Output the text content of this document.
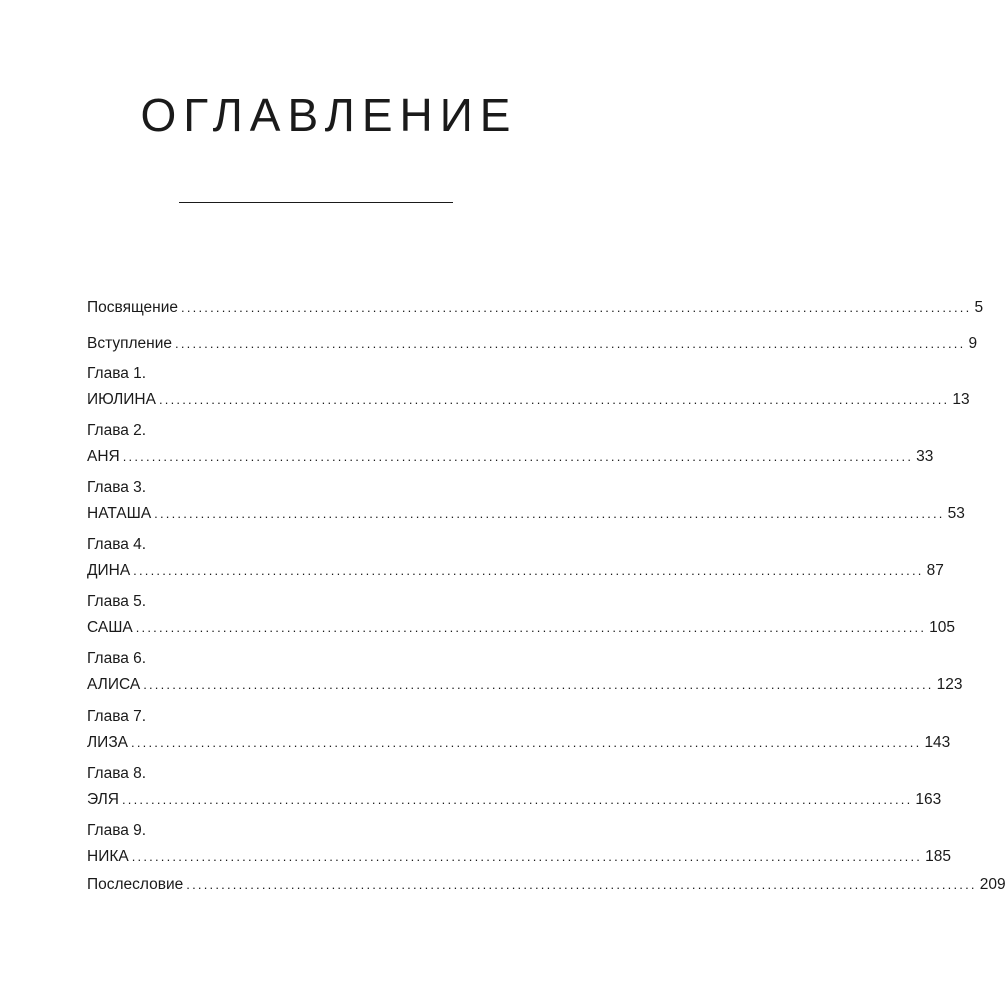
ОГЛАВЛЕНИЕ
Посвящение ........................................................................................................................................ 5
Вступление ........................................................................................................................................ 9
Глава 1.
ИЮЛИНА ........................................................................................................................................ 13
Глава 2.
АНЯ ........................................................................................................................................ 33
Глава 3.
НАТАША ........................................................................................................................................ 53
Глава 4.
ДИНА ........................................................................................................................................ 87
Глава 5.
САША ........................................................................................................................................ 105
Глава 6.
АЛИСА ........................................................................................................................................ 123
Глава 7.
ЛИЗА ........................................................................................................................................ 143
Глава 8.
ЭЛЯ ........................................................................................................................................ 163
Глава 9.
НИКА ........................................................................................................................................ 185
Послесловие ........................................................................................................................................ 209
